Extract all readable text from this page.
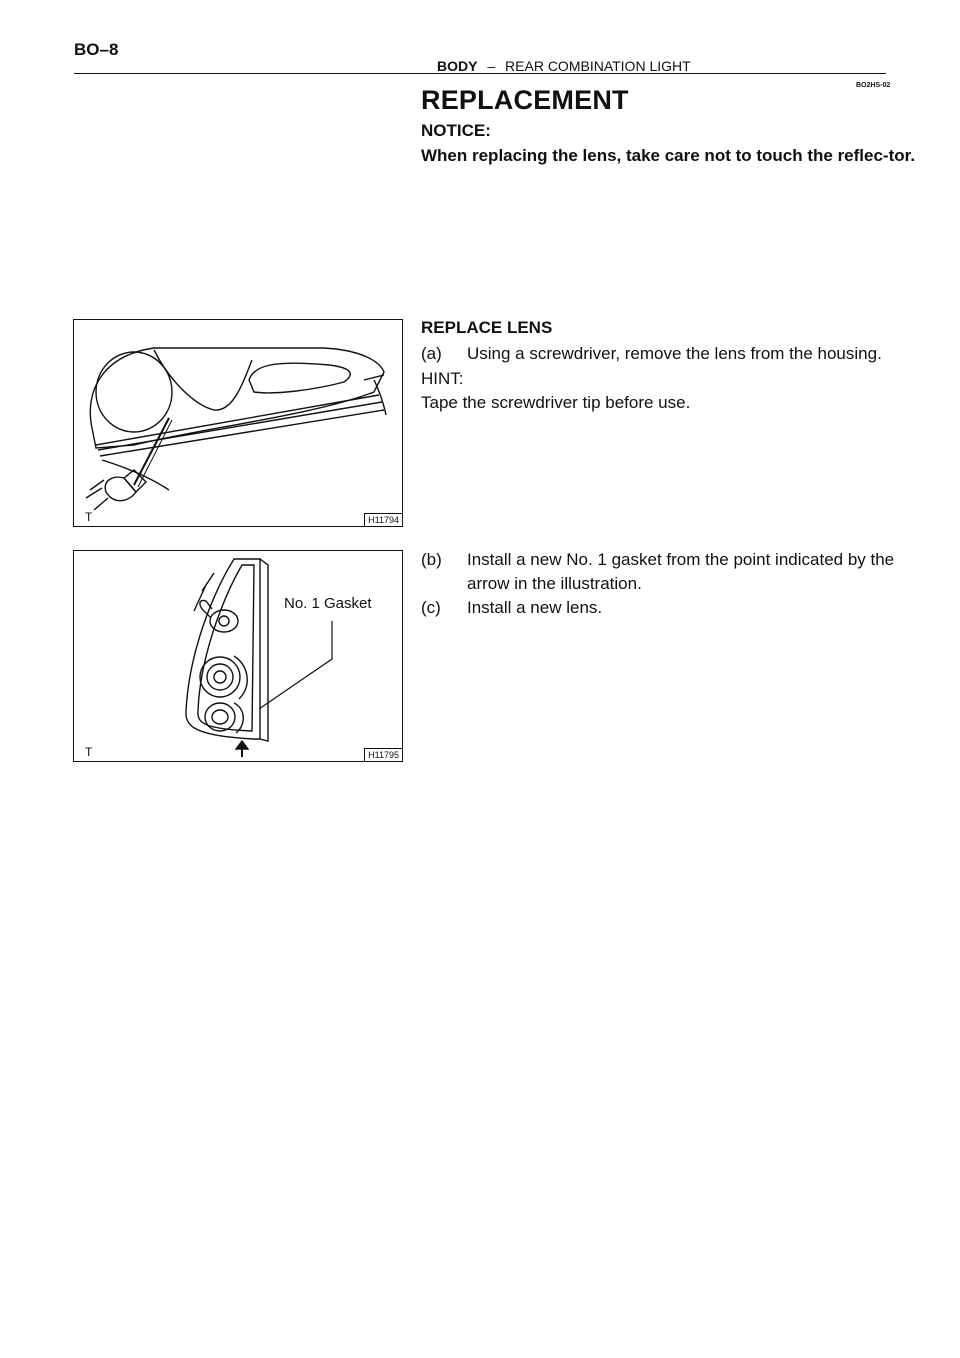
BO–8
BODY – REAR COMBINATION LIGHT
BO2HS-02
REPLACEMENT
NOTICE:
When replacing the lens, take care not to touch the reflec-tor.
REPLACE LENS
(a) Using a screwdriver, remove the lens from the housing.
HINT:
Tape the screwdriver tip before use.
(b)	Install a new No. 1 gasket from the point indicated by the arrow in the illustration.
(c) Install a new lens.
T	H11794
No. 1 Gasket
T	H11795
